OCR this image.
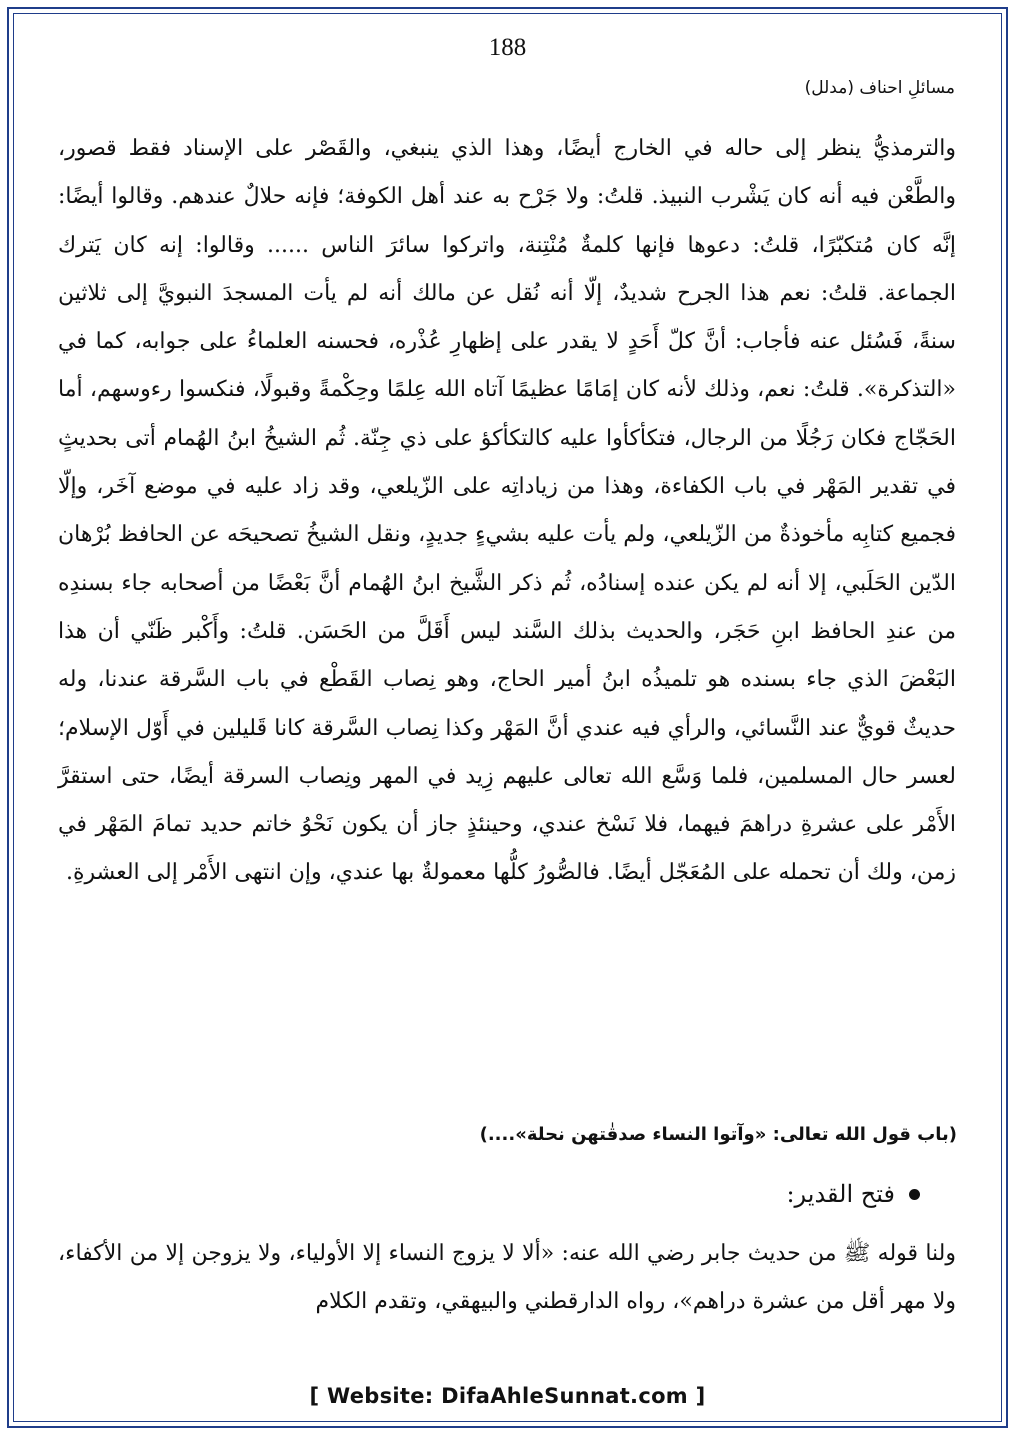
188
مسائلِ احناف (مدلل)

والترمذيُّ ينظر إلى حاله في الخارج أيضًا، وهذا الذي ينبغي، والقَصْر على الإسناد فقط قصور، والطَّعْن فيه أنه كان يَشْرب النبيذ. قلتُ: ولا جَرْح به عند أهل الكوفة؛ فإنه حلالٌ عندهم. وقالوا أيضًا: إنَّه كان مُتكبّرًا، قلتُ: دعوها فإنها كلمةٌ مُنْتِنة، واتركوا سائرَ الناس ...... وقالوا: إنه كان يَترك الجماعة. قلتُ: نعم هذا الجرح شديدٌ، إلّا أنه نُقل عن مالك أنه لم يأت المسجدَ النبويَّ إلى ثلاثين سنةً، فَسُئل عنه فأجاب: أنَّ كلّ أَحَدٍ لا يقدر على إظهارِ عُذْره، فحسنه العلماءُ على جوابه، كما في «التذكرة». قلتُ: نعم، وذلك لأنه كان إمَامًا عظيمًا آتاه الله عِلمًا وحِكْمةً وقبولًا، فنكسوا رءوسهم، أما الحَجّاج فكان رَجُلًا من الرجال، فتكأكأوا عليه كالتكأكؤ على ذي جِنّة. ثُم الشيخُ ابنُ الهُمام أتى بحديثٍ في تقدير المَهْر في باب الكفاءة، وهذا من زياداتِه على الزّيلعي، وقد زاد عليه في موضع آخَر، وإلّا فجميع كتابِه مأخوذةٌ من الزّيلعي، ولم يأت عليه بشيءٍ جديدٍ، ونقل الشيخُ تصحيحَه عن الحافظ بُرْهان الدّين الحَلَبي، إلا أنه لم يكن عنده إسنادُه، ثُم ذكر الشَّيخ ابنُ الهُمام أنَّ بَعْضًا من أصحابه جاء بسندِه من عندِ الحافظ ابنِ حَجَر، والحديث بذلك السَّند ليس أَقَلَّ من الحَسَن. قلتُ: وأَكْبر ظَنّي أن هذا البَعْضَ الذي جاء بسنده هو تلميذُه ابنُ أمير الحاج، وهو نِصاب القَطْع في باب السَّرقة عندنا، وله حديثٌ قويٌّ عند النَّسائي، والرأي فيه عندي أنَّ المَهْر وكذا نِصاب السَّرقة كانا قَليلين في أَوّل الإسلام؛ لعسر حال المسلمين، فلما وَسَّع الله تعالى عليهم زِيد في المهر ونِصاب السرقة أيضًا، حتى استقرَّ الأَمْر على عشرةِ دراهمَ فيهما، فلا نَسْخ عندي، وحينئذٍ جاز أن يكون نَحْوُ خاتم حديد تمامَ المَهْر في زمن، ولك أن تحمله على المُعَجّل أيضًا. فالصُّورُ كلُّها معمولةٌ بها عندي، وإن انتهى الأَمْر إلى العشرةِ.

(باب قول الله تعالى: «وآتوا النساء صدقٰتهن نحلة»....)
فتح القدير:
ولنا قوله ﷺ من حديث جابر رضي الله عنه: «ألا لا يزوج النساء إلا الأولياء، ولا يزوجن إلا من الأكفاء، ولا مهر أقل من عشرة دراهم»، رواه الدارقطني والبيهقي، وتقدم الكلام
[ Website: DifaAhleSunnat.com ]
